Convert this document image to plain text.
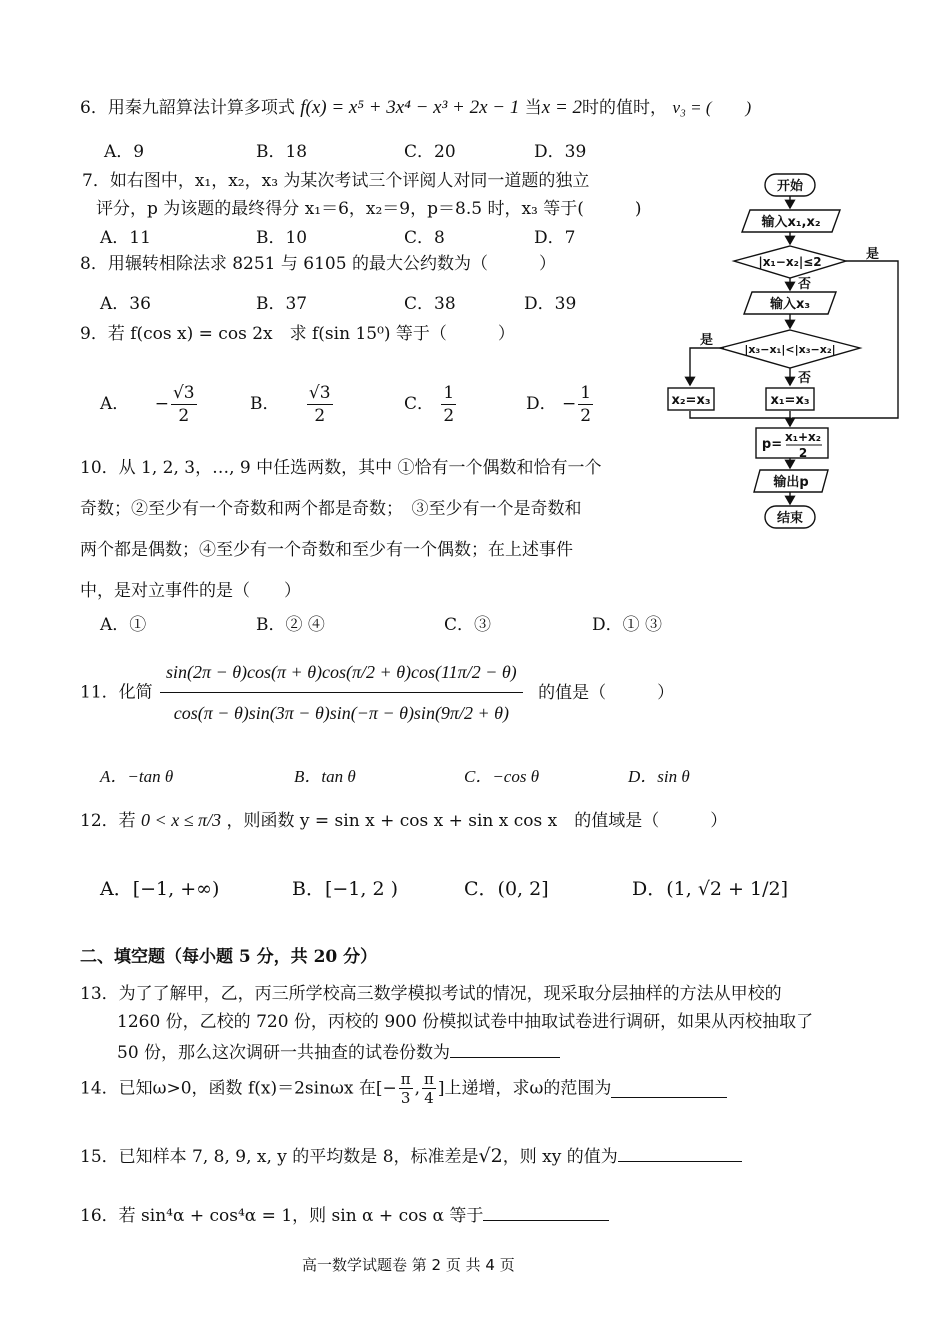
6．用秦九韶算法计算多项式 f(x) = x⁵ + 3x⁴ − x³ + 2x − 1 当x = 2时的值时， v₃ = (　　)
A．9	B．18	C．20	D．39
7．如右图中，x₁，x₂，x₃ 为某次考试三个评阅人对同一道题的独立
评分，p 为该题的最终得分 x₁＝6，x₂＝9，p＝8.5 时，x₃ 等于(　　　)
A．11	B．10	C．8	D．7
8．用辗转相除法求 8251 与 6105 的最大公约数为（　　　）
A．36	B．37	C．38	D．39
9．若 f(cos x) = cos 2x　求 f(sin 15⁰) 等于（　　　）
A． − $\frac{√3}{2}$	B． $\frac{√3}{2}$	C． $\frac{1}{2}$	D． − $\frac{1}{2}$
10．从 1, 2, 3，…, 9 中任选两数，其中 ①恰有一个偶数和恰有一个
奇数；②至少有一个奇数和两个都是奇数；　③至少有一个是奇数和
两个都是偶数；④至少有一个奇数和至少有一个偶数；在上述事件
中，是对立事件的是（　　）
A．①	B．② ④	C．③	D．① ③
11．化简 $\frac{\sin(2\pi - \theta)\cos(\pi + \theta)\cos(\pi/2 + \theta)\cos(11\pi/2 - \theta)}{\cos(\pi - \theta)\sin(3\pi - \theta)\sin(-\pi - \theta)\sin(9\pi/2 + \theta)}$ 的值是（　　　）
A．−tan θ	B．tan θ	C．−cos θ	D．sin θ
12．若 0 < x ≤ π/3 ，则函数 y = sin x + cos x + sin x cos x　的值域是（　　　）
A．[−1, +∞)	B．[−1, 2 )	C．(0, 2]	D．(1, √2 + 1/2]
二、填空题（每小题 5 分，共 20 分）
13．为了了解甲，乙，丙三所学校高三数学模拟考试的情况，现采取分层抽样的方法从甲校的
1260 份，乙校的 720 份，丙校的 900 份模拟试卷中抽取试卷进行调研，如果从丙校抽取了
50 份，那么这次调研一共抽查的试卷份数为
14．已知ω>0，函数 f(x)＝2sinωx 在[− $\frac{\pi}{3}$ , $\frac{\pi}{4}$ ]上递增，求ω的范围为
15．已知样本 7, 8, 9, x, y 的平均数是 8，标准差是√2，则 xy 的值为
16．若 sin⁴α + cos⁴α = 1，则 sin α + cos α 等于
高一数学试题卷 第 2 页 共 4 页
开始
输入x₁,x₂
|x₁−x₂|≤2	是
否
输入x₃
|x₃−x₁|<|x₃−x₂|
是
否
x₂=x₃	x₁=x₃
p= x₁+x₂
2
输出p
结束
